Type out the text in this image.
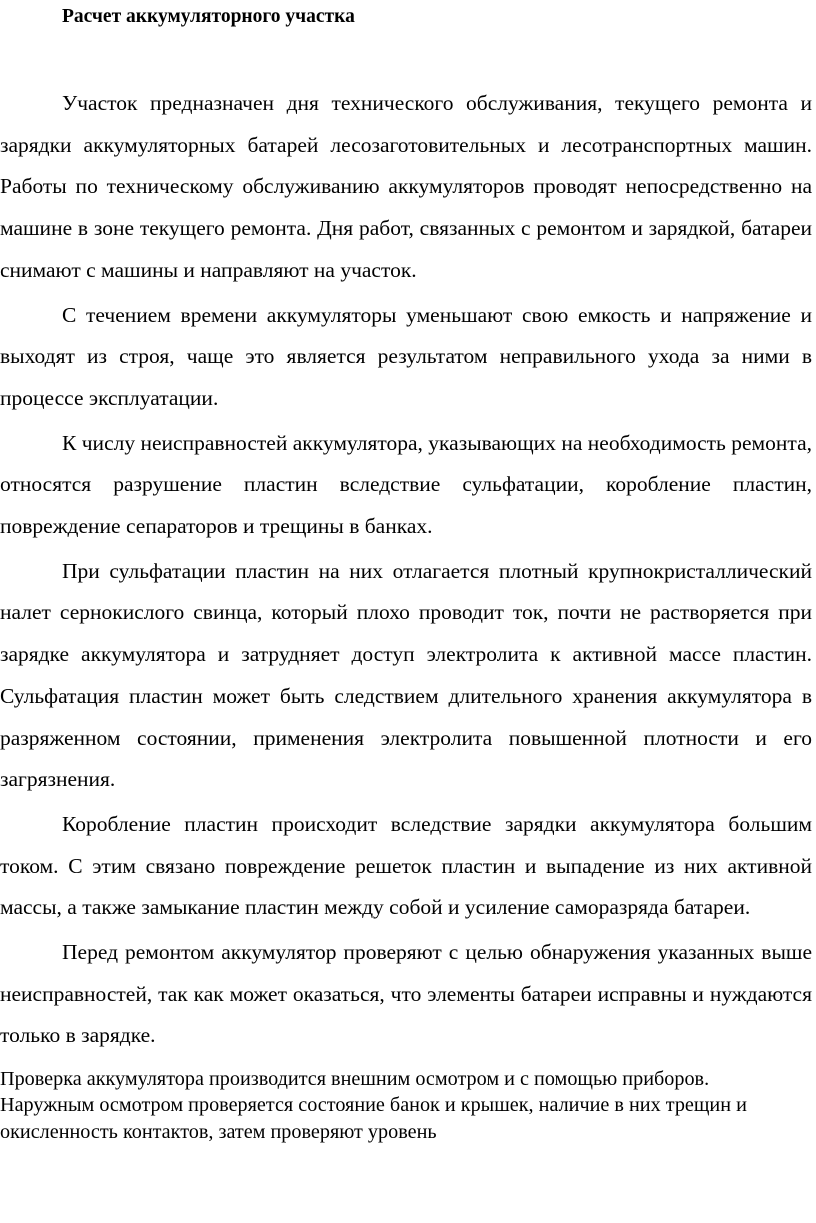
Расчет аккумуляторного участка

Участок предназначен дня технического обслуживания, текущего ремонта и зарядки аккумуляторных батарей лесозаготовительных и лесотранспортных машин. Работы по техническому обслуживанию аккумуляторов проводят непосредственно на машине в зоне текущего ремонта. Дня работ, связанных с ремонтом и зарядкой, батареи снимают с машины и направляют на участок.

С течением времени аккумуляторы уменьшают свою емкость и напряжение и выходят из строя, чаще это является результатом неправильного ухода за ними в процессе эксплуатации.

К числу неисправностей аккумулятора, указывающих на необходимость ремонта, относятся разрушение пластин вследствие сульфатации, коробление пластин, повреждение сепараторов и трещины в банках.

При сульфатации пластин на них отлагается плотный крупнокристаллический налет сернокислого свинца, который плохо проводит ток, почти не растворяется при зарядке аккумулятора и затрудняет доступ электролита к активной массе пластин. Сульфатация пластин может быть следствием длительного хранения аккумулятора в разряженном состоянии, применения электролита повышенной плотности и его загрязнения.

Коробление пластин происходит вследствие зарядки аккумулятора большим током. С этим связано повреждение решеток пластин и выпадение из них активной массы, а также замыкание пластин между собой и усиление саморазряда батареи.

Перед ремонтом аккумулятор проверяют с целью обнаружения указанных выше неисправностей, так как может оказаться, что элементы батареи исправны и нуждаются только в зарядке.

Проверка аккумулятора производится внешним осмотром и с помощью приборов. Наружным осмотром проверяется состояние банок и крышек, наличие в них трещин и окисленность контактов, затем проверяют уровень
